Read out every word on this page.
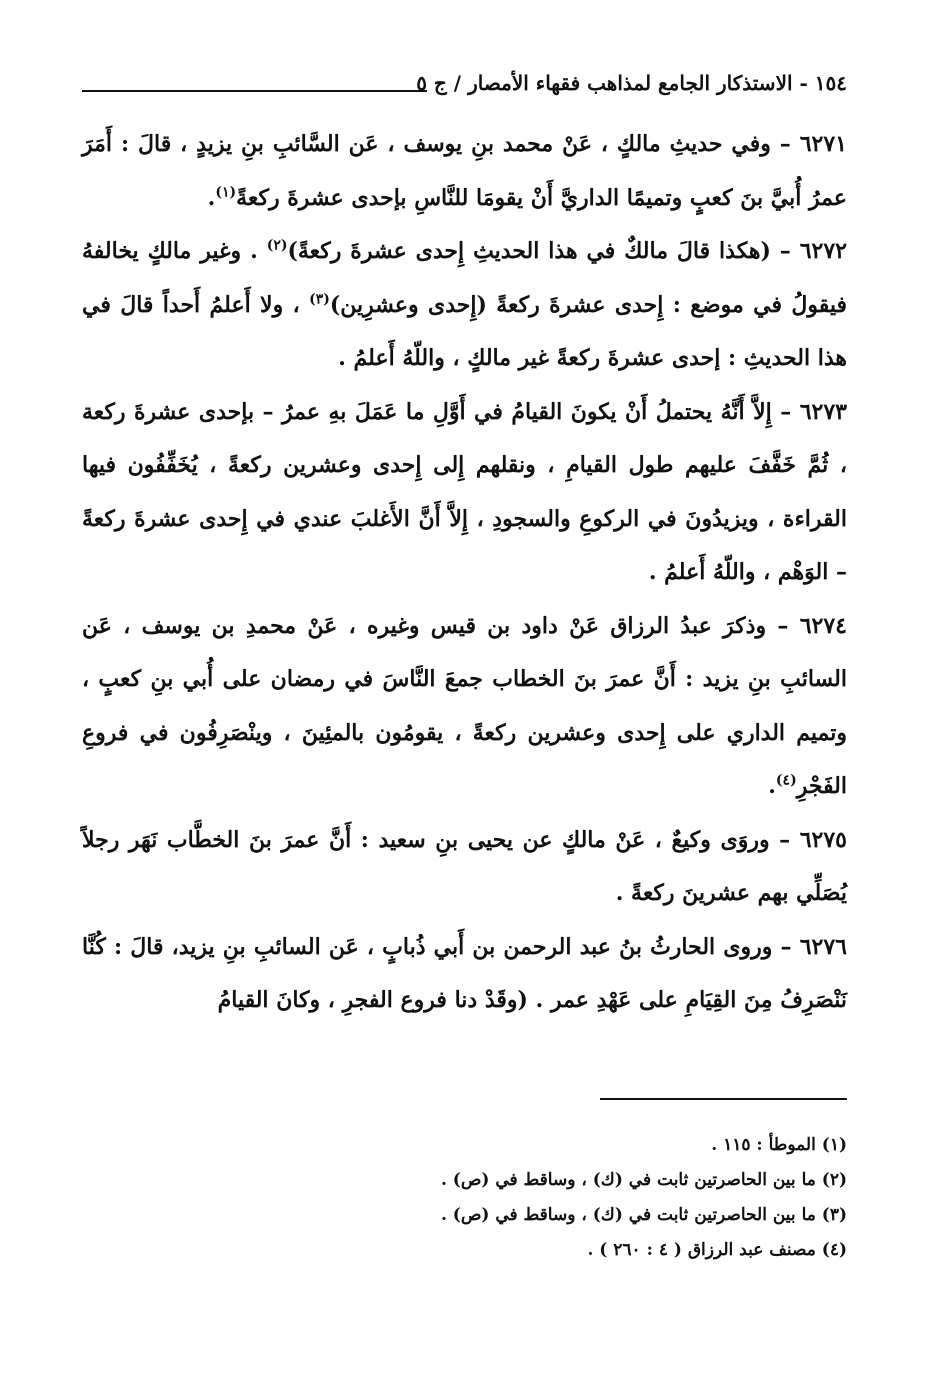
١٥٤ - الاستذكار الجامع لمذاهب فقهاء الأمصار / ج ٥

٦٢٧١ – وفي حديثِ مالكٍ ، عَنْ محمد بنِ يوسف ، عَن السَّائبِ بنِ يزيدٍ ، قالَ : أَمَرَ عمرُ أُبيَّ بنَ كعبٍ وتميمًا الداريَّ أَنْ يقومَا للنَّاسِ بإحدى عشرةَ ركعةً$^{(١)}$.

٦٢٧٢ – (هكذا قالَ مالكٌ في هذا الحديثِ إِحدى عشرةَ ركعةً)$^{(٢)}$ . وغير مالكٍ يخالفهُ فيقولُ في موضع : إِحدى عشرةَ ركعةً (إِحدى وعشرِين)$^{(٣)}$ ، ولا أَعلمُ أَحداً قالَ في هذا الحديثِ : إحدى عشرةَ ركعةً غير مالكٍ ، واللّهُ أَعلمُ .

٦٢٧٣ – إِلاَّ أَنَّهُ يحتملُ أَنْ يكونَ القيامُ في أَوَّلِ ما عَمَلَ بهِ عمرُ – بإحدى عشرةَ ركعة ، ثُمَّ خَفَّفَ عليهم طول القيامِ ، ونقلهم إِلى إِحدى وعشرين ركعةً ، يُخَفِّفُون فيها القراءة ، ويزيدُونَ في الركوعِ والسجودِ ، إِلاَّ أَنَّ الأَغلبَ عندي في إِحدى عشرةَ ركعةً – الوَهْم ، واللّهُ أَعلمُ .

٦٢٧٤ – وذكرَ عبدُ الرزاق عَنْ داود بن قيس وغيره ، عَنْ محمدِ بن يوسف ، عَن السائبِ بنِ يزيد : أَنَّ عمرَ بنَ الخطاب جمعَ النَّاسَ في رمضان على أُبي بنِ كعبٍ ، وتميم الداري على إِحدى وعشرين ركعةً ، يقومُون بالمئِينَ ، وينْصَرِفُون في فروعِ الفَجْرِ$^{(٤)}$.

٦٢٧٥ – وروَى وكيعٌ ، عَنْ مالكٍ عن يحيى بنِ سعيد : أَنَّ عمرَ بنَ الخطَّاب نَهَر رجلاً يُصَلِّي بهم عشرينَ ركعةً .

٦٢٧٦ – وروى الحارثُ بنُ عبد الرحمن بن أَبي ذُبابٍ ، عَن السائبِ بنِ يزيد، قالَ : كُنَّا نَنْصَرِفُ مِنَ القِيَامِ على عَهْدِ عمر . (وقَدْ دنا فروع الفجرِ ، وكانَ القيامُ

(١) الموطأ : ١١٥ .

(٢) ما بين الحاصرتين ثابت في (ك) ، وساقط في (ص) .

(٣) ما بين الحاصرتين ثابت في (ك) ، وساقط في (ص) .

(٤) مصنف عبد الرزاق ( ٤ : ٢٦٠ ) .
